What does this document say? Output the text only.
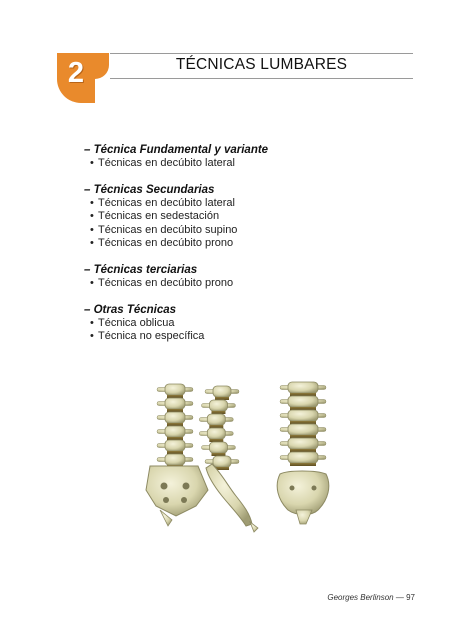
2	TÉCNICAS LUMBARES
– Técnica Fundamental y variante
• Técnicas en decúbito lateral
– Técnicas Secundarias
• Técnicas en decúbito lateral
• Técnicas en sedestación
• Técnicas en decúbito supino
• Técnicas en decúbito prono
– Técnicas terciarias
• Técnicas en decúbito prono
– Otras Técnicas
• Técnica oblicua
• Técnica no específica
Georges Berlinson — 97
